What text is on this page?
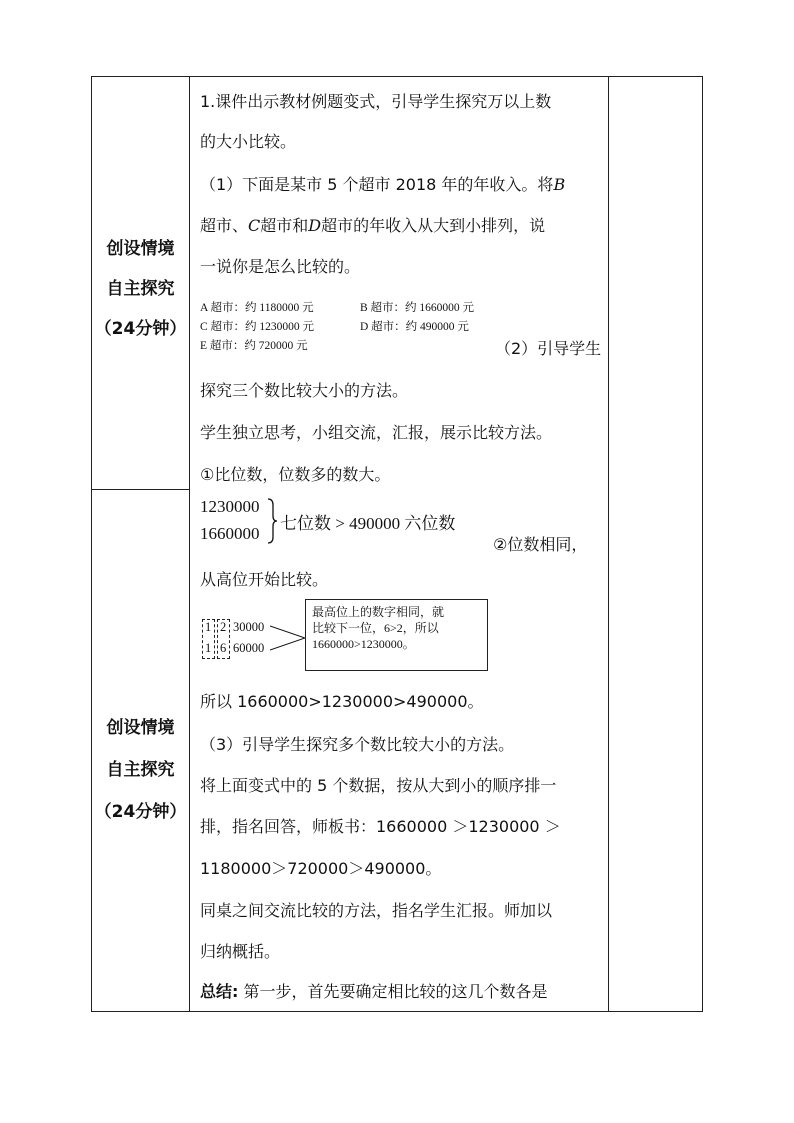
创设情境
自主探究
（24分钟）
创设情境
自主探究
（24分钟）
1.课件出示教材例题变式，引导学生探究万以上数
的大小比较。
（1）下面是某市 5 个超市 2018 年的年收入。将B
超市、C超市和D超市的年收入从大到小排列，说
一说你是怎么比较的。
A 超市：约 1180000 元	B 超市：约 1660000 元
C 超市：约 1230000 元	D 超市：约 490000 元
E 超市：约 720000 元	（2）引导学生
探究三个数比较大小的方法。
学生独立思考，小组交流，汇报，展示比较方法。
①比位数，位数多的数大。
1230000
1660000
七位数 > 490000 六位数
②位数相同，
从高位开始比较。
1 2
1 6
30000
60000
最高位上的数字相同，就
比较下一位，6>2，所以
1660000>1230000。
所以 1660000>1230000>490000。
（3）引导学生探究多个数比较大小的方法。
将上面变式中的 5 个数据，按从大到小的顺序排一
排，指名回答，师板书：1660000 ＞1230000 ＞
1180000＞720000＞490000。
同桌之间交流比较的方法，指名学生汇报。师加以
归纳概括。
总结: 第一步，首先要确定相比较的这几个数各是
